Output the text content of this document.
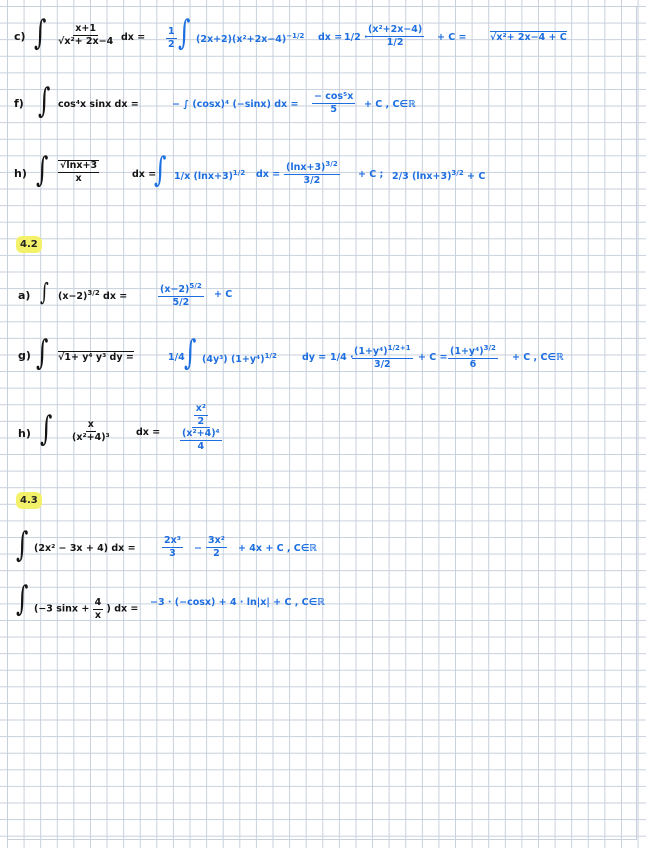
c) ∫ $\frac{x+1}{\text{√x²+ 2x−4}}$ dx = $\frac{1}{2}$ ∫ $(2x+2)(x^2+2x-4)^{-1/2}$ dx = 1/2 ·
$\frac{\text{(x²+2x−4)}}{1/2} + C = √x^2+ 2x-4 + C$
f) ∫ cos⁴x sinx dx =	− ∫ (cosx)⁴ (−sinx) dx = $\frac{\text{− cos⁵x}}{5} + C$ , C∈ℝ
h) ∫ $\frac{√\ln x+3}{x}$	dx =
∫ 1/x $(\ln x+3)^{1/2}$ dx = $\frac{(\ln x+3)^{3/2}}{3/2} + C$ ; 2/3 $(\ln x+3)^{3/2} + C$
4.2
a) ∫ $(x-2)^{3/2}$ dx =	$\frac{(x-2)^{5/2}}{5/2} + C$
g) ∫ √1+ y⁴ y³ dy =	1/4 ∫ (4y³) $(1+y^4)^{1/2}$	dy = 1/4 ·
$\frac{(1+y^4)^{1/2+1}}{3/2} + C = \frac{(1+y^4)^{3/2}}{6} + C$ , C∈ℝ
h) ∫ $\frac{x}{\text{(x²+4)³}}$	dx = $\frac{\frac{\text{x²}}{2}}{\frac{\text{(x²+4)⁴}}{4}}$
4.3
∫ (2x² − 3x + 4) dx =	$\frac{\text{2x³}}{3} - \frac{\text{3x²}}{2} + 4x + C$ , C∈ℝ
∫ (−3 $\sin x + \frac{4}{x}$ ) dx =
−3 · (−cosx) + 4 · ln|x| + C , C∈ℝ
